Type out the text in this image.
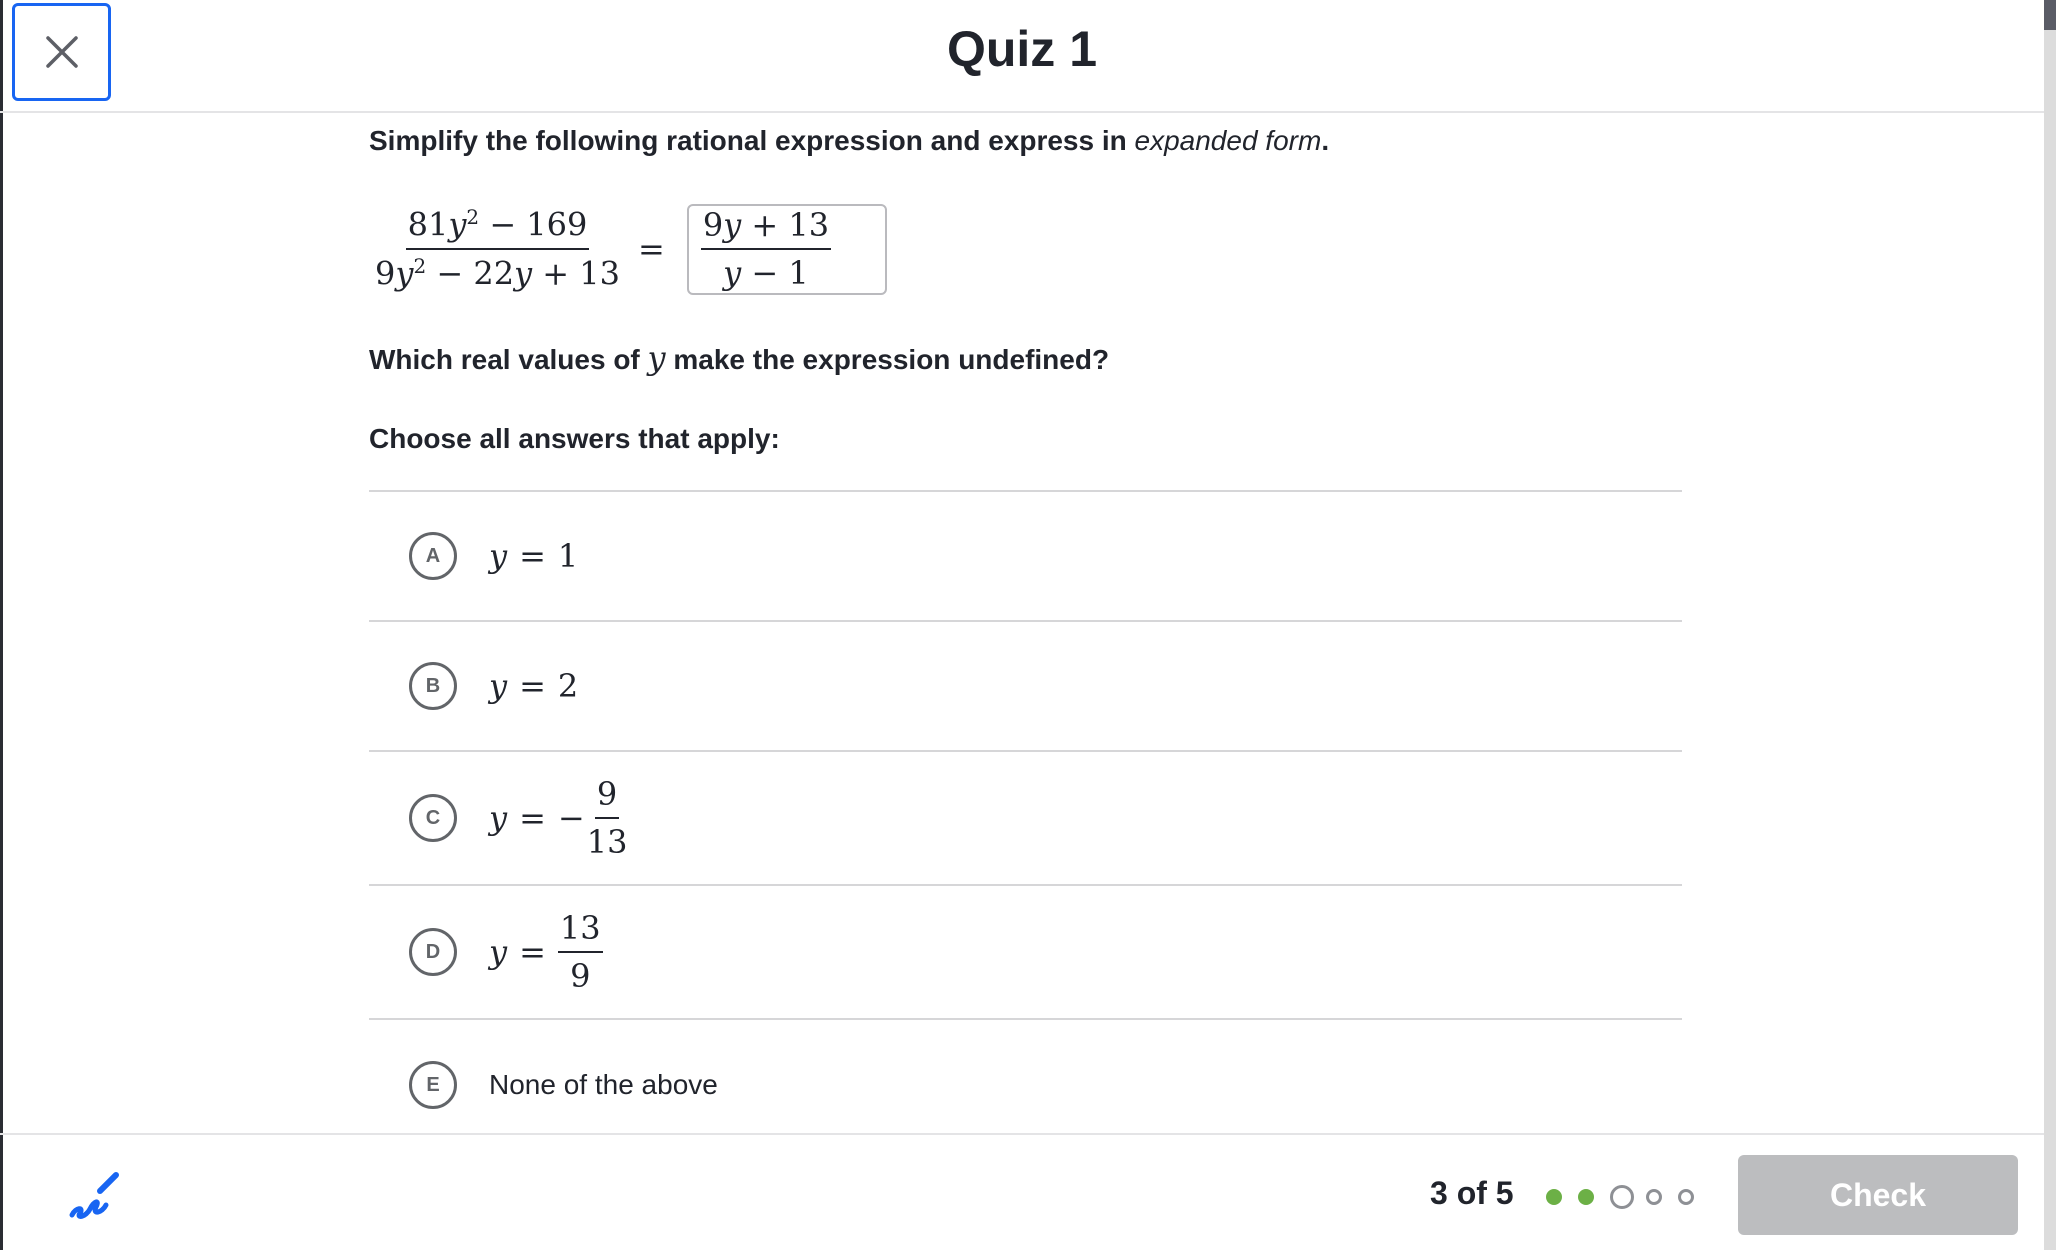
Quiz 1
Simplify the following rational expression and express in expanded form.
$\frac{81y^2 - 169}{9y^2 - 22y + 13} = \frac{9y + 13}{y - 1}$
Which real values of y make the expression undefined?
Choose all answers that apply:
A	y = 1
B	y = 2
C	y = − $\frac{9}{13}$
D	$y = \frac{13}{9}$
E	None of the above
3 of 5	Check
